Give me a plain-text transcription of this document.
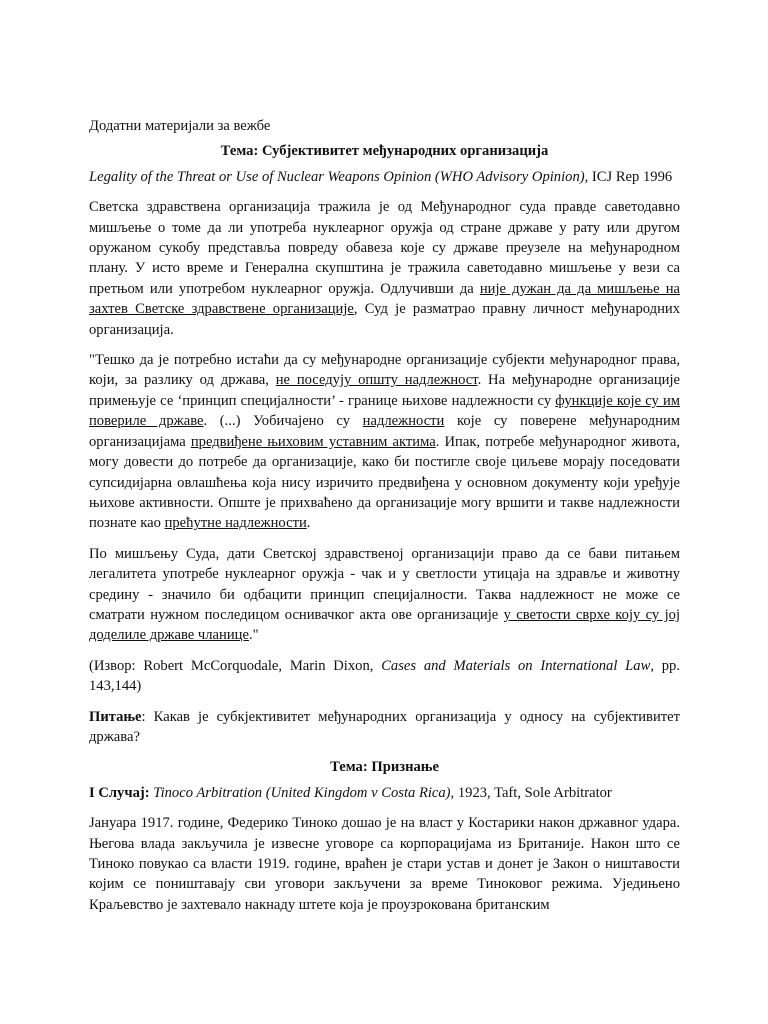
Додатни материјали за вежбе

Тема: Субјективитет међународних организација

Legality of the Threat or Use of Nuclear Weapons Opinion (WHO Advisory Opinion), ICJ Rep 1996

Светска здравствена организација тражила је од Међународног суда правде саветодавно мишљење о томе да ли употреба нуклеарног оружја од стране државе у рату или другом оружаном сукобу представља повреду обавеза које су државе преузеле на међународном плану. У исто време и Генерална скупштина је тражила саветодавно мишљење у вези са претњом или употребом нуклеарног оружја. Одлучивши да није дужан да да мишљење на захтев Светске здравствене организације, Суд је разматрао правну личност међународних организација.

"Тешко да је потребно истаћи да су међународне организације субјекти међународног права, који, за разлику од држава, не поседују општу надлежност. На међународне организације примењује се ‘принцип специјалности’ - границе њихове надлежности су функције које су им повериле државе. (...) Уобичајено су надлежности које су поверене међународним организацијама предвиђене њиховим уставним актима. Ипак, потребе међународног живота, могу довести до потребе да организације, како би постигле своје циљеве морају поседовати супсидијарна овлашћења која нису изричито предвиђена у основном документу који уређује њихове активности. Опште је прихваћено да организације могу вршити и такве надлежности познате као прећутне надлежности.

По мишљењу Суда, дати Светској здравственој организацији право да се бави питањем легалитета употребе нуклеарног оружја - чак и у светлости утицаја на здравље и животну средину - значило би одбацити принцип специјалности. Таква надлежност не може се сматрати нужном последицом оснивачког акта ове организације у светости сврхе коју су јој доделиле државе чланице."

(Извор: Robert McCorquodale, Marin Dixon, Cases and Materials on International Law, pp. 143,144)

Питање: Какав је субкјективитет међународних организација у односу на субјективитет држава?

Тема: Признање

I Случај: Tinoco Arbitration (United Kingdom v Costa Rica), 1923, Taft, Sole Arbitrator

Јануара 1917. године, Федерико Тиноко дошао је на власт у Костарики након државног удара. Његова влада закључила је извесне уговоре са корпорацијама из Британије. Након што се Тиноко повукао са власти 1919. године, враћен је стари устав и донет је Закон о ништавости којим се поништавају сви уговори закључени за време Тиноковог режима. Уједињено Краљевство је захтевало накнаду штете која је проузрокована британским
